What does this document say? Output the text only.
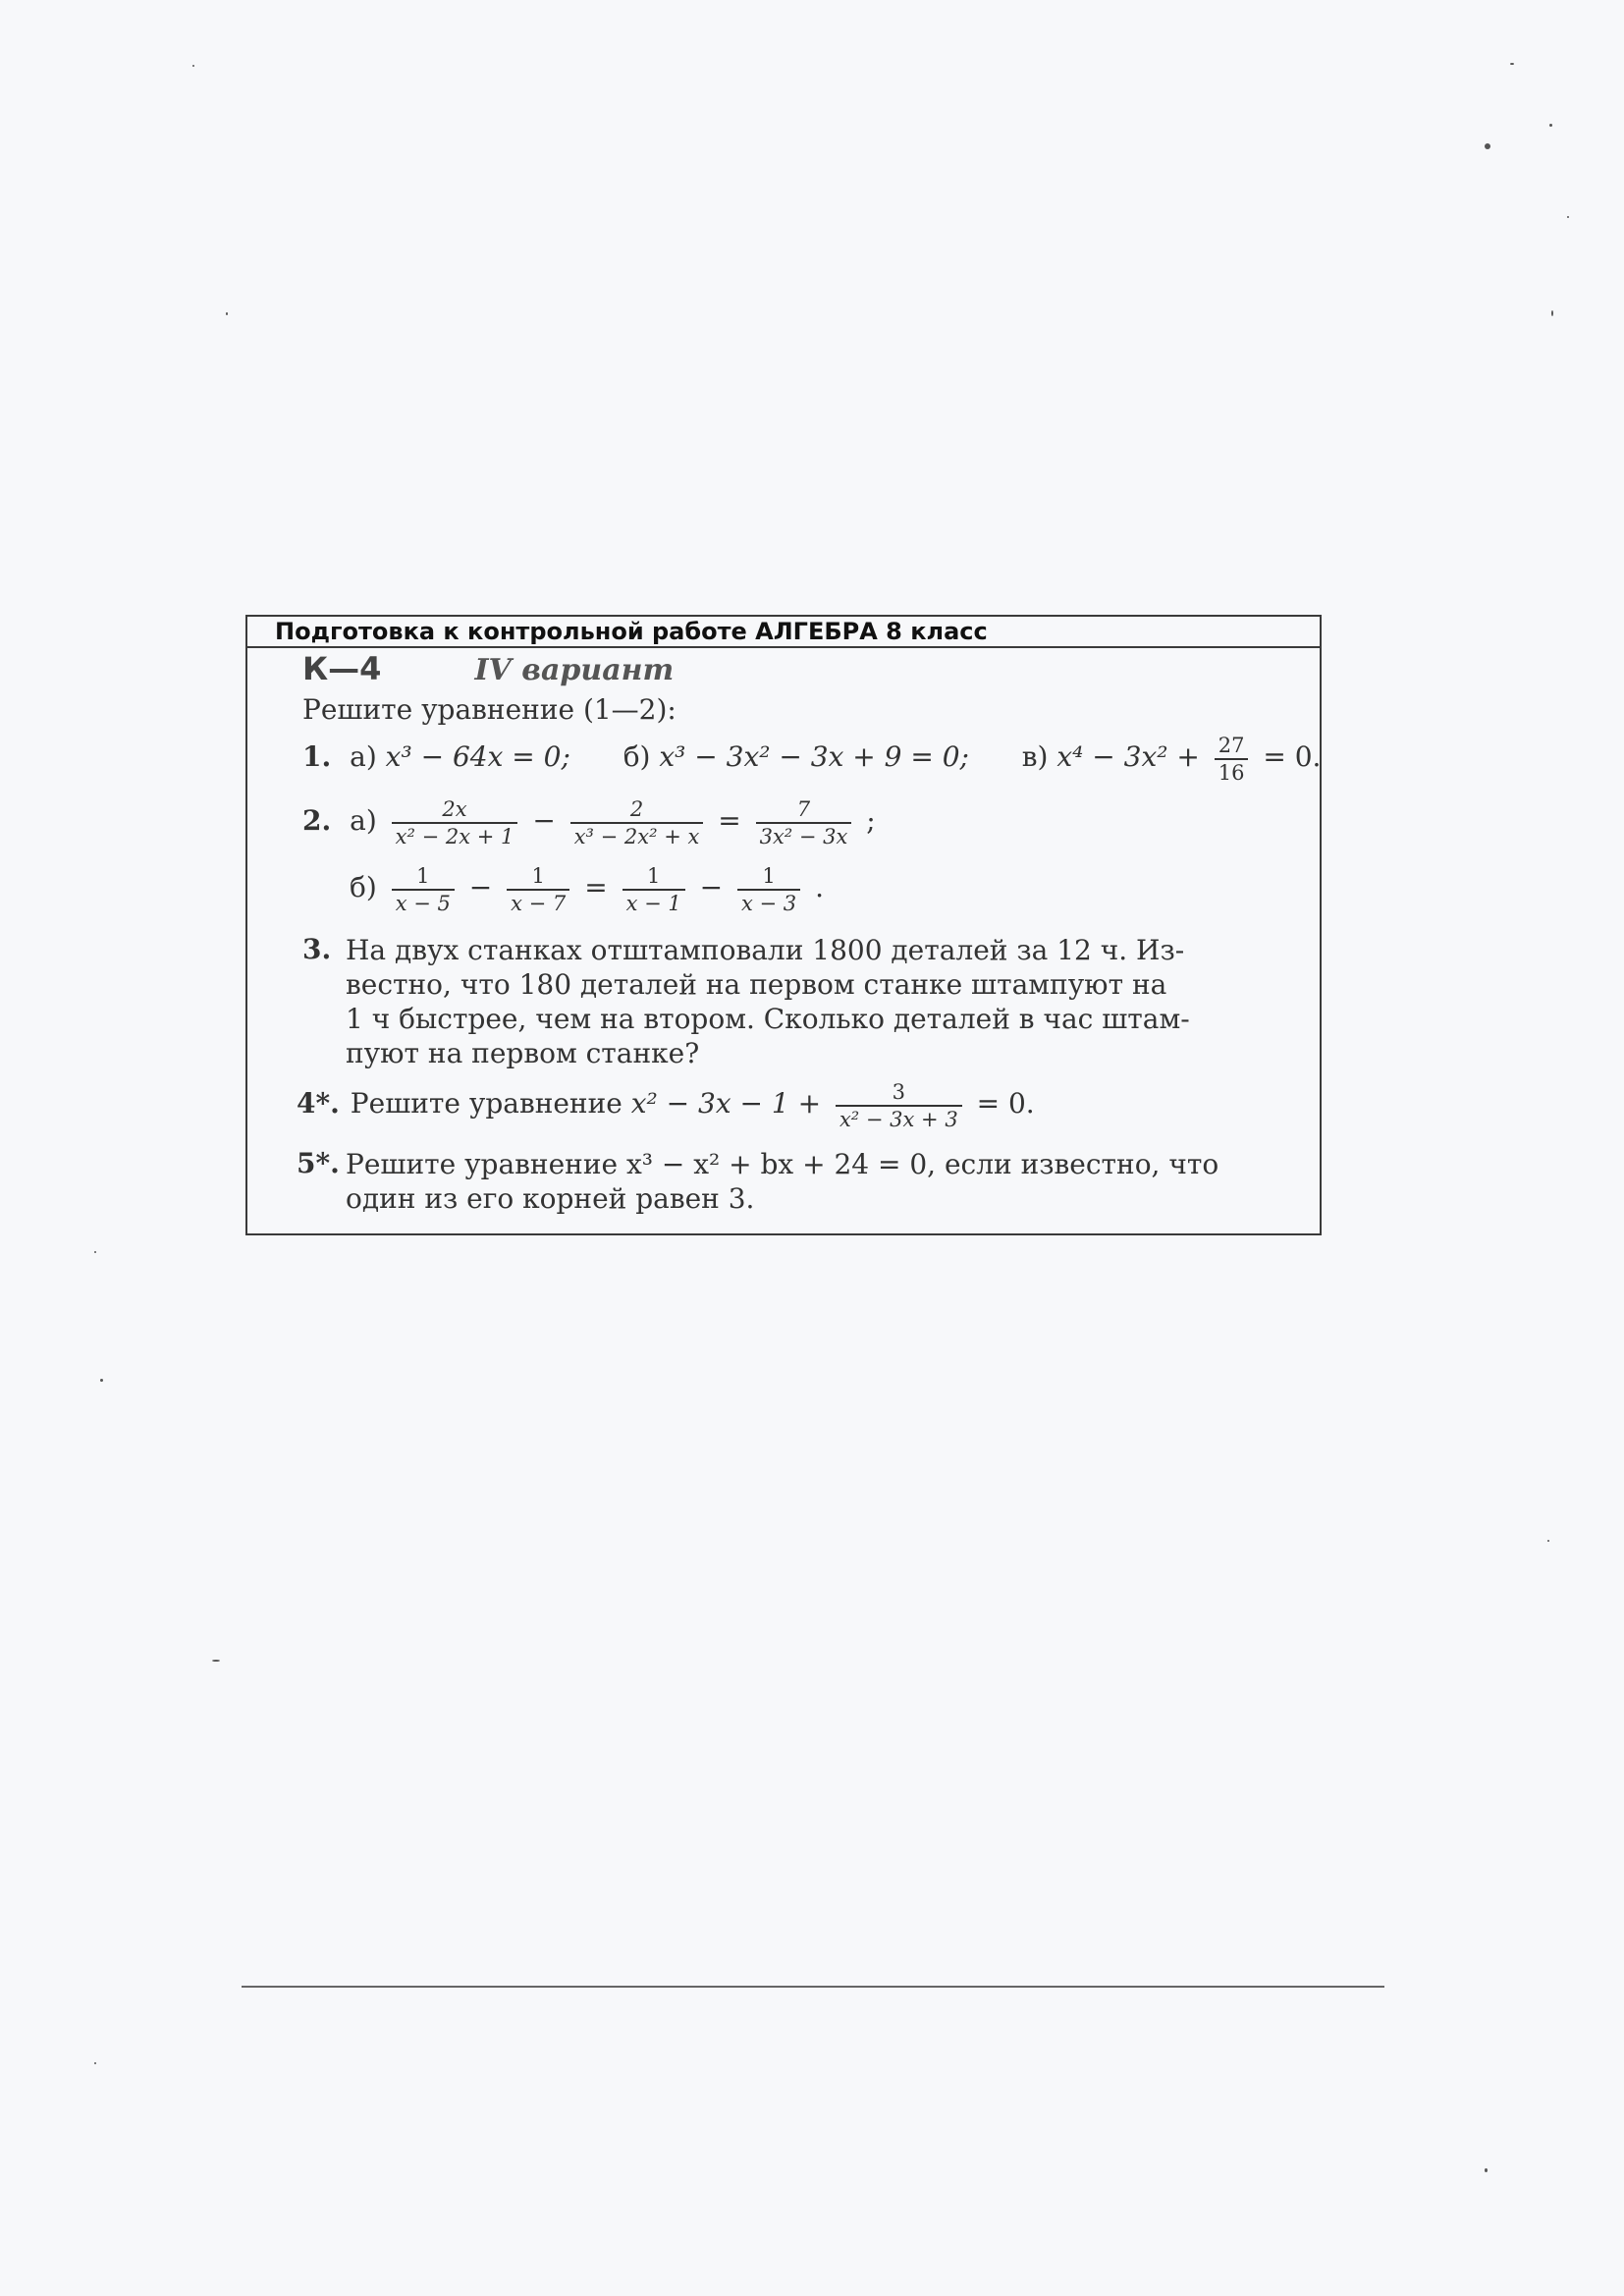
Подготовка к контрольной работе АЛГЕБРА 8 класс
К—4	IV вариант
Решите уравнение (1—2):
1. а) x³ − 64x = 0; б) x³ − 3x² − 3x + 9 = 0; в) $x^4 - 3x^2 + \frac{27}{16} = 0$.
2. $а) \frac{2x}{\text{x² − 2x + 1}} - \frac{2}{\text{x³ − 2x² + x}} = \frac{7}{\text{3x² − 3x}}$ ;
$б) \frac{1}{x - 5} - \frac{1}{x - 7} = \frac{1}{x - 1} - \frac{1}{x - 3}$ .
3. На двух станках отштамповали 1800 деталей за 12 ч. Из-
вестно, что 180 деталей на первом станке штампуют на
1 ч быстрее, чем на втором. Сколько деталей в час штам-
пуют на первом станке?
4*. Решите уравнение $x^2 - 3x - 1 + \frac{3}{\text{x² − 3x + 3}} = 0$.
5*. Решите уравнение x³ − x² + bx + 24 = 0, если известно, что
один из его корней равен 3.
